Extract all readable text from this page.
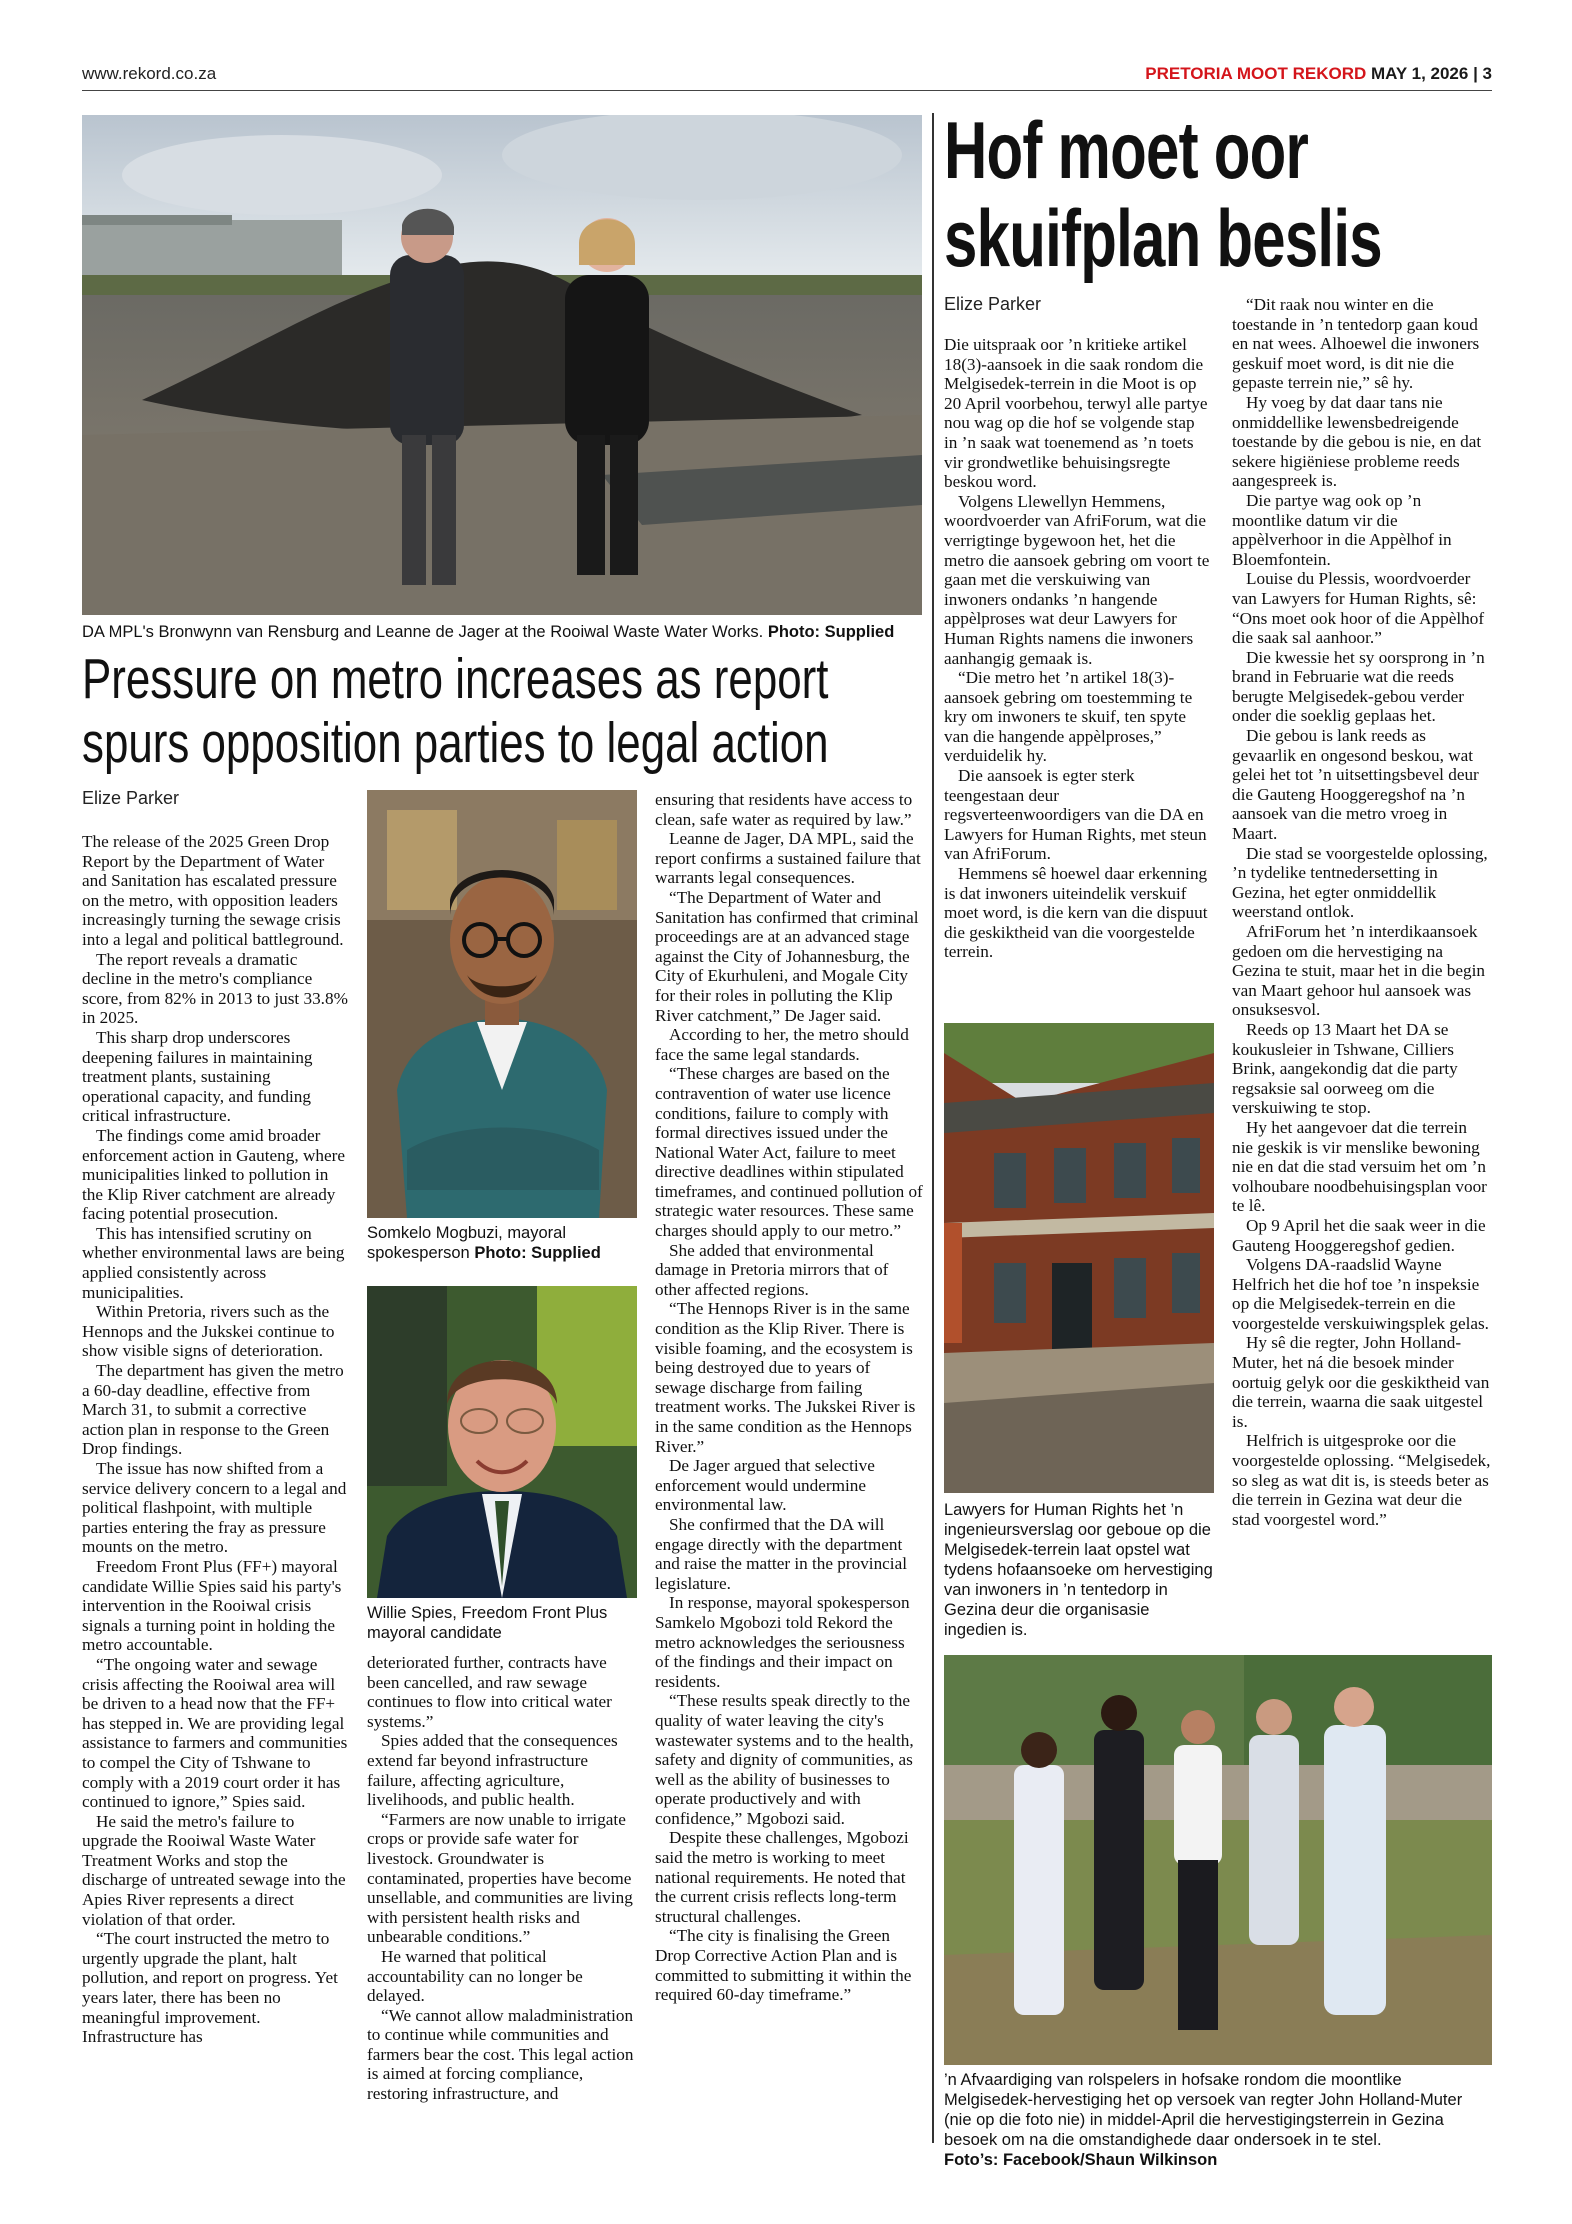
www.rekord.co.za	PRETORIA MOOT REKORD MAY 1, 2026 | 3
DA MPL's Bronwynn van Rensburg and Leanne de Jager at the Rooiwal Waste Water Works. Photo: Supplied
Pressure on metro increases as report
spurs opposition parties to legal action
Elize Parker

The release of the 2025 Green Drop Report by the Department of Water and Sanitation has escalated pressure on the metro, with opposition leaders increasingly turning the sewage crisis into a legal and political battleground.

The report reveals a dramatic decline in the metro's compliance score, from 82% in 2013 to just 33.8% in 2025.

This sharp drop underscores deepening failures in maintaining treatment plants, sustaining operational capacity, and funding critical infrastructure.

The findings come amid broader enforcement action in Gauteng, where municipalities linked to pollution in the Klip River catchment are already facing potential prosecution.

This has intensified scrutiny on whether environmental laws are being applied consistently across municipalities.

Within Pretoria, rivers such as the Hennops and the Jukskei continue to show visible signs of deterioration.

The department has given the metro a 60-day deadline, effective from March 31, to submit a corrective action plan in response to the Green Drop findings.

The issue has now shifted from a service delivery concern to a legal and political flashpoint, with multiple parties entering the fray as pressure mounts on the metro.

Freedom Front Plus (FF+) mayoral candidate Willie Spies said his party's intervention in the Rooiwal crisis signals a turning point in holding the metro accountable.

“The ongoing water and sewage crisis affecting the Rooiwal area will be driven to a head now that the FF+ has stepped in. We are providing legal assistance to farmers and communities to compel the City of Tshwane to comply with a 2019 court order it has continued to ignore,” Spies said.

He said the metro's failure to upgrade the Rooiwal Waste Water Treatment Works and stop the discharge of untreated sewage into the Apies River represents a direct violation of that order.

“The court instructed the metro to urgently upgrade the plant, halt pollution, and report on progress. Yet years later, there has been no meaningful improvement. Infrastructure has

Somkelo Mogbuzi, mayoral spokesperson Photo: Supplied
Willie Spies, Freedom Front Plus mayoral candidate

deteriorated further, contracts have been cancelled, and raw sewage continues to flow into critical water systems.”

Spies added that the consequences extend far beyond infrastructure failure, affecting agriculture, livelihoods, and public health.

“Farmers are now unable to irrigate crops or provide safe water for livestock. Groundwater is contaminated, properties have become unsellable, and communities are living with persistent health risks and unbearable conditions.”

He warned that political accountability can no longer be delayed.

“We cannot allow maladministration to continue while communities and farmers bear the cost. This legal action is aimed at forcing compliance, restoring infrastructure, and

ensuring that residents have access to clean, safe water as required by law.”

Leanne de Jager, DA MPL, said the report confirms a sustained failure that warrants legal consequences.

“The Department of Water and Sanitation has confirmed that criminal proceedings are at an advanced stage against the City of Johannesburg, the City of Ekurhuleni, and Mogale City for their roles in polluting the Klip River catchment,” De Jager said.

According to her, the metro should face the same legal standards.

“These charges are based on the contravention of water use licence conditions, failure to comply with formal directives issued under the National Water Act, failure to meet directive deadlines within stipulated timeframes, and continued pollution of strategic water resources. These same charges should apply to our metro.”

She added that environmental damage in Pretoria mirrors that of other affected regions.

“The Hennops River is in the same condition as the Klip River. There is visible foaming, and the ecosystem is being destroyed due to years of sewage discharge from failing treatment works. The Jukskei River is in the same condition as the Hennops River.”

De Jager argued that selective enforcement would undermine environmental law.

She confirmed that the DA will engage directly with the department and raise the matter in the provincial legislature.

In response, mayoral spokesperson Samkelo Mgobozi told Rekord the metro acknowledges the seriousness of the findings and their impact on residents.

“These results speak directly to the quality of water leaving the city's wastewater systems and to the health, safety and dignity of communities, as well as the ability of businesses to operate productively and with confidence,” Mgobozi said.

Despite these challenges, Mgobozi said the metro is working to meet national requirements. He noted that the current crisis reflects long-term structural challenges.

“The city is finalising the Green Drop Corrective Action Plan and is committed to submitting it within the required 60-day timeframe.”

Hof moet oor
skuifplan beslis
Elize Parker

Die uitspraak oor ’n kritieke artikel 18(3)-aansoek in die saak rondom die Melgisedek-terrein in die Moot is op 20 April voorbehou, terwyl alle partye nou wag op die hof se volgende stap in ’n saak wat toenemend as ’n toets vir grondwetlike behuisingsregte beskou word.

Volgens Llewellyn Hemmens, woordvoerder van AfriForum, wat die verrigtinge bygewoon het, het die metro die aansoek gebring om voort te gaan met die verskuiwing van inwoners ondanks ’n hangende appèlproses wat deur Lawyers for Human Rights namens die inwoners aanhangig gemaak is.

“Die metro het ’n artikel 18(3)-aansoek gebring om toestemming te kry om inwoners te skuif, ten spyte van die hangende appèlproses,” verduidelik hy.

Die aansoek is egter sterk teengestaan deur regsverteenwoordigers van die DA en Lawyers for Human Rights, met steun van AfriForum.

Hemmens sê hoewel daar erkenning is dat inwoners uiteindelik verskuif moet word, is die kern van die dispuut die geskiktheid van die voorgestelde terrein.

Lawyers for Human Rights het ’n ingenieursverslag oor geboue op die Melgisedek-terrein laat opstel wat tydens hofaansoeke om hervestiging van inwoners in ’n tentedorp in Gezina deur die organisasie ingedien is.

“Dit raak nou winter en die toestande in ’n tentedorp gaan koud en nat wees. Alhoewel die inwoners geskuif moet word, is dit nie die gepaste terrein nie,” sê hy.

Hy voeg by dat daar tans nie onmiddellike lewensbedreigende toestande by die gebou is nie, en dat sekere higiëniese probleme reeds aangespreek is.

Die partye wag ook op ’n moontlike datum vir die appèlverhoor in die Appèlhof in Bloemfontein.

Louise du Plessis, woordvoerder van Lawyers for Human Rights, sê: “Ons moet ook hoor of die Appèlhof die saak sal aanhoor.”

Die kwessie het sy oorsprong in ’n brand in Februarie wat die reeds berugte Melgisedek-gebou verder onder die soeklig geplaas het.

Die gebou is lank reeds as gevaarlik en ongesond beskou, wat gelei het tot ’n uitsettingsbevel deur die Gauteng Hooggeregshof na ’n aansoek van die metro vroeg in Maart.

Die stad se voorgestelde oplossing, ’n tydelike tentnedersetting in Gezina, het egter onmiddellik weerstand ontlok.

AfriForum het ’n interdikaansoek gedoen om die hervestiging na Gezina te stuit, maar het in die begin van Maart gehoor hul aansoek was onsuksesvol.

Reeds op 13 Maart het DA se koukusleier in Tshwane, Cilliers Brink, aangekondig dat die party regsaksie sal oorweeg om die verskuiwing te stop.

Hy het aangevoer dat die terrein nie geskik is vir menslike bewoning nie en dat die stad versuim het om ’n volhoubare noodbehuisingsplan voor te lê.

Op 9 April het die saak weer in die Gauteng Hooggeregshof gedien.

Volgens DA-raadslid Wayne Helfrich het die hof toe ’n inspeksie op die Melgisedek-terrein en die voorgestelde verskuiwingsplek gelas.

Hy sê die regter, John Holland-Muter, het ná die besoek minder oortuig gelyk oor die geskiktheid van die terrein, waarna die saak uitgestel is.

Helfrich is uitgesproke oor die voorgestelde oplossing. “Melgisedek, so sleg as wat dit is, is steeds beter as die terrein in Gezina wat deur die stad voorgestel word.”

’n Afvaardiging van rolspelers in hofsake rondom die moontlike Melgisedek-hervestiging het op versoek van regter John Holland-Muter (nie op die foto nie) in middel-April die hervestigingsterrein in Gezina besoek om na die omstandighede daar ondersoek in te stel.
Foto’s: Facebook/Shaun Wilkinson
